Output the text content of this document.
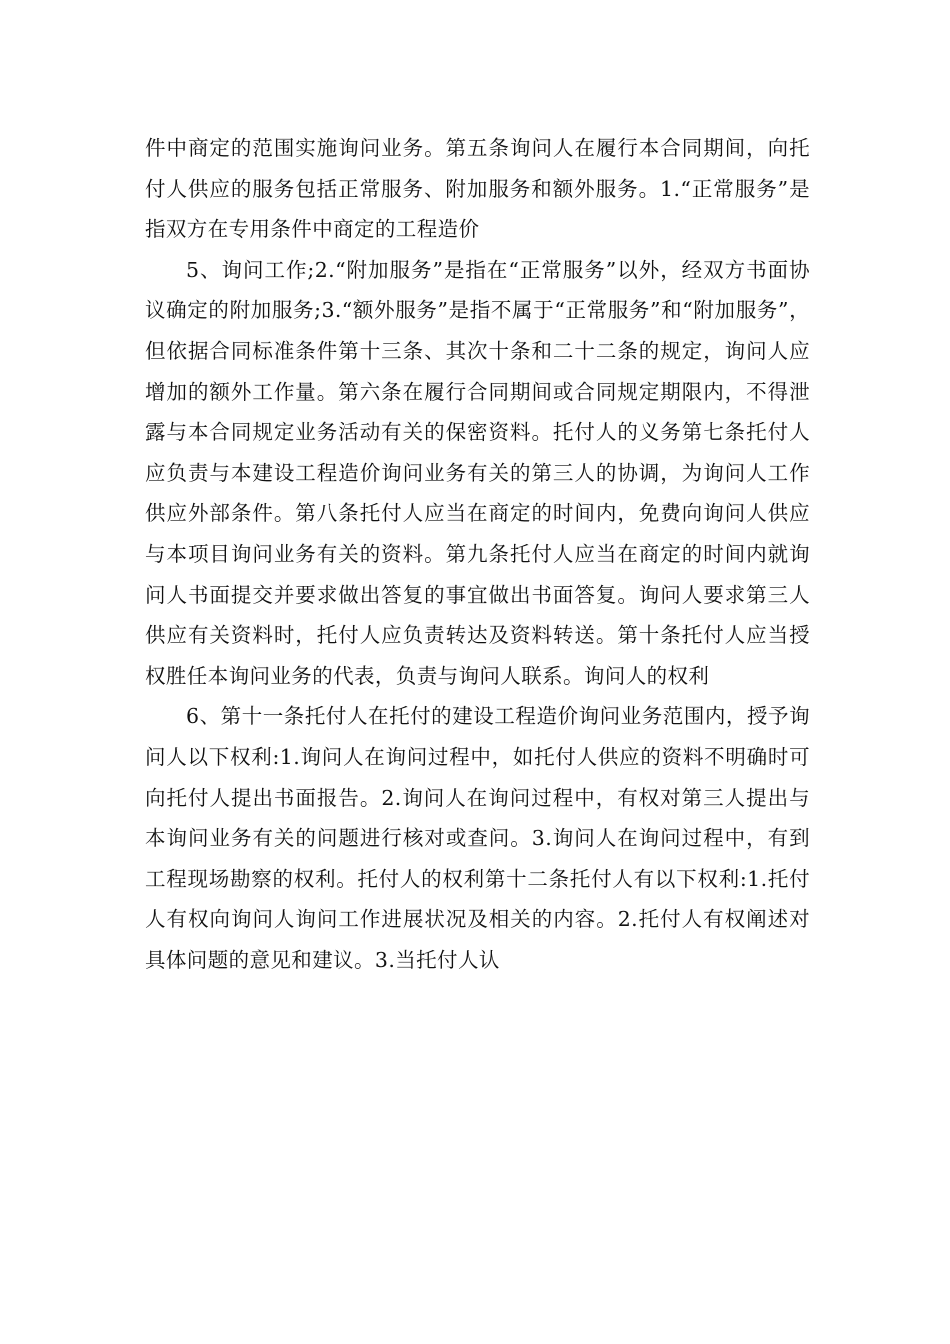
件中商定的范围实施询问业务。第五条询问人在履行本合同期间，向托付人供应的服务包括正常服务、附加服务和额外服务。1.“正常服务”是指双方在专用条件中商定的工程造价

5、询问工作;2.“附加服务”是指在“正常服务”以外，经双方书面协议确定的附加服务;3.“额外服务”是指不属于“正常服务”和“附加服务”，但依据合同标准条件第十三条、其次十条和二十二条的规定，询问人应增加的额外工作量。第六条在履行合同期间或合同规定期限内，不得泄露与本合同规定业务活动有关的保密资料。托付人的义务第七条托付人应负责与本建设工程造价询问业务有关的第三人的协调，为询问人工作供应外部条件。第八条托付人应当在商定的时间内，免费向询问人供应与本项目询问业务有关的资料。第九条托付人应当在商定的时间内就询问人书面提交并要求做出答复的事宜做出书面答复。询问人要求第三人供应有关资料时，托付人应负责转达及资料转送。第十条托付人应当授权胜任本询问业务的代表，负责与询问人联系。询问人的权利

6、第十一条托付人在托付的建设工程造价询问业务范围内，授予询问人以下权利:1.询问人在询问过程中，如托付人供应的资料不明确时可向托付人提出书面报告。2.询问人在询问过程中，有权对第三人提出与本询问业务有关的问题进行核对或查问。3.询问人在询问过程中，有到工程现场勘察的权利。托付人的权利第十二条托付人有以下权利:1.托付人有权向询问人询问工作进展状况及相关的内容。2.托付人有权阐述对具体问题的意见和建议。3.当托付人认
